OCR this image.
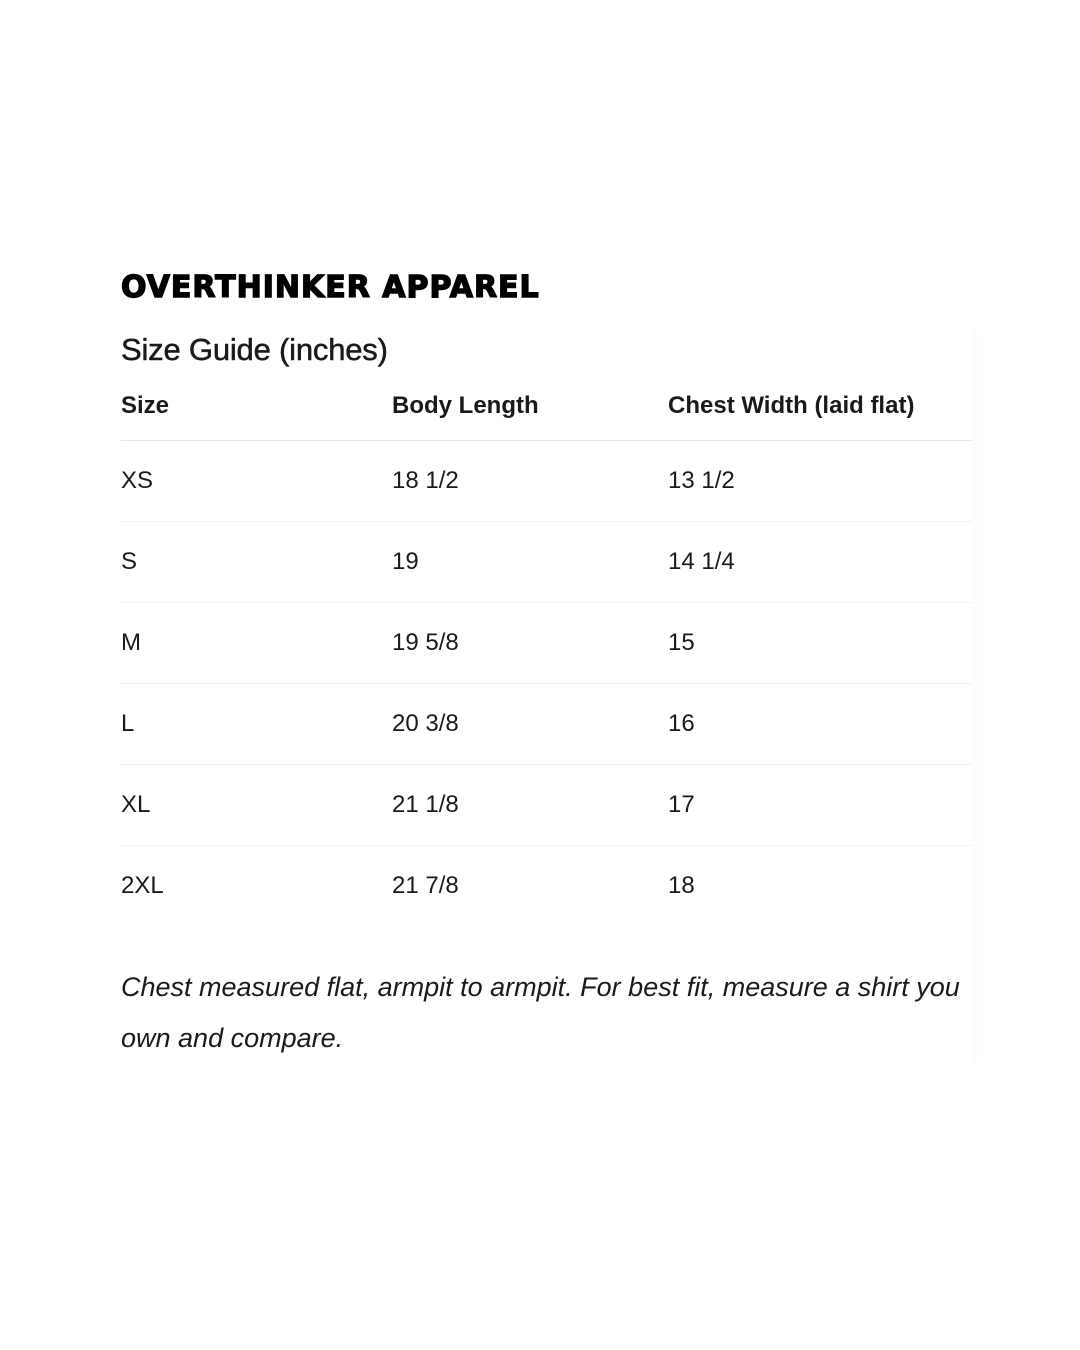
OVERTHINKER APPAREL
Size Guide (inches)
Size	Body Length	Chest Width (laid flat)
XS	18 1/2	13 1/2
S	19	14 1/4
M	19 5/8	15
L	20 3/8	16
XL	21 1/8	17
2XL	21 7/8	18

Chest measured flat, armpit to armpit. For best fit, measure a shirt you own and compare.
